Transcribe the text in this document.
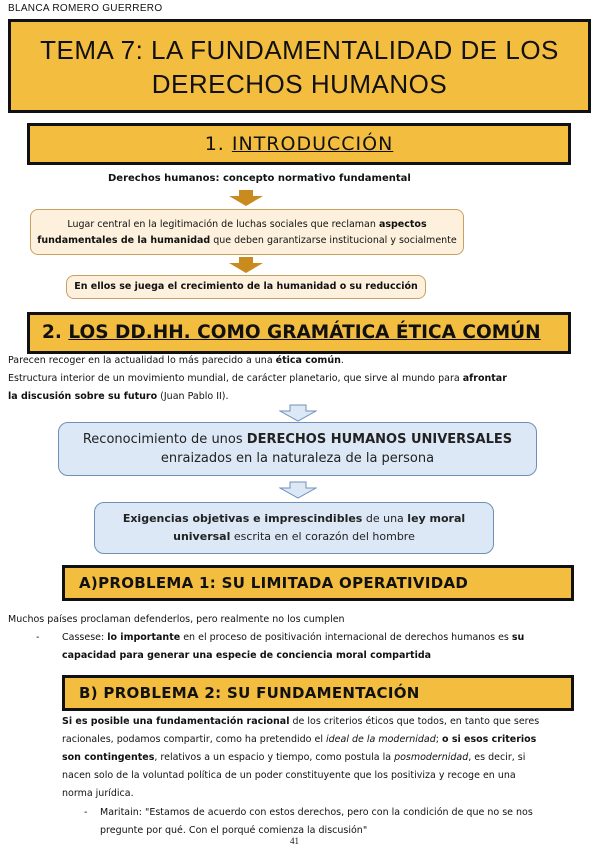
BLANCA ROMERO GUERRERO
TEMA 7: LA FUNDAMENTALIDAD DE LOS
DERECHOS HUMANOS
1. INTRODUCCIÓN
Derechos humanos: concepto normativo fundamental
Lugar central en la legitimación de luchas sociales que reclaman aspectos
fundamentales de la humanidad que deben garantizarse institucional y socialmente
En ellos se juega el crecimiento de la humanidad o su reducción
2. LOS DD.HH. COMO GRAMÁTICA ÉTICA COMÚN
Parecen recoger en la actualidad lo más parecido a una ética común.
Estructura interior de un movimiento mundial, de carácter planetario, que sirve al mundo para afrontar
la discusión sobre su futuro (Juan Pablo II).
Reconocimiento de unos DERECHOS HUMANOS UNIVERSALES
enraizados en la naturaleza de la persona
Exigencias objetivas e imprescindibles de una ley moral
universal escrita en el corazón del hombre
A)PROBLEMA 1: SU LIMITADA OPERATIVIDAD
Muchos países proclaman defenderlos, pero realmente no los cumplen
- Cassese: lo importante en el proceso de positivación internacional de derechos humanos es su
capacidad para generar una especie de conciencia moral compartida
B) PROBLEMA 2: SU FUNDAMENTACIÓN
Si es posible una fundamentación racional de los criterios éticos que todos, en tanto que seres
racionales, podamos compartir, como ha pretendido el ideal de la modernidad; o si esos criterios
son contingentes, relativos a un espacio y tiempo, como postula la posmodernidad, es decir, si
nacen solo de la voluntad política de un poder constituyente que los positiviza y recoge en una
norma jurídica.
- Maritain: "Estamos de acuerdo con estos derechos, pero con la condición de que no se nos
pregunte por qué. Con el porqué comienza la discusión"
41
